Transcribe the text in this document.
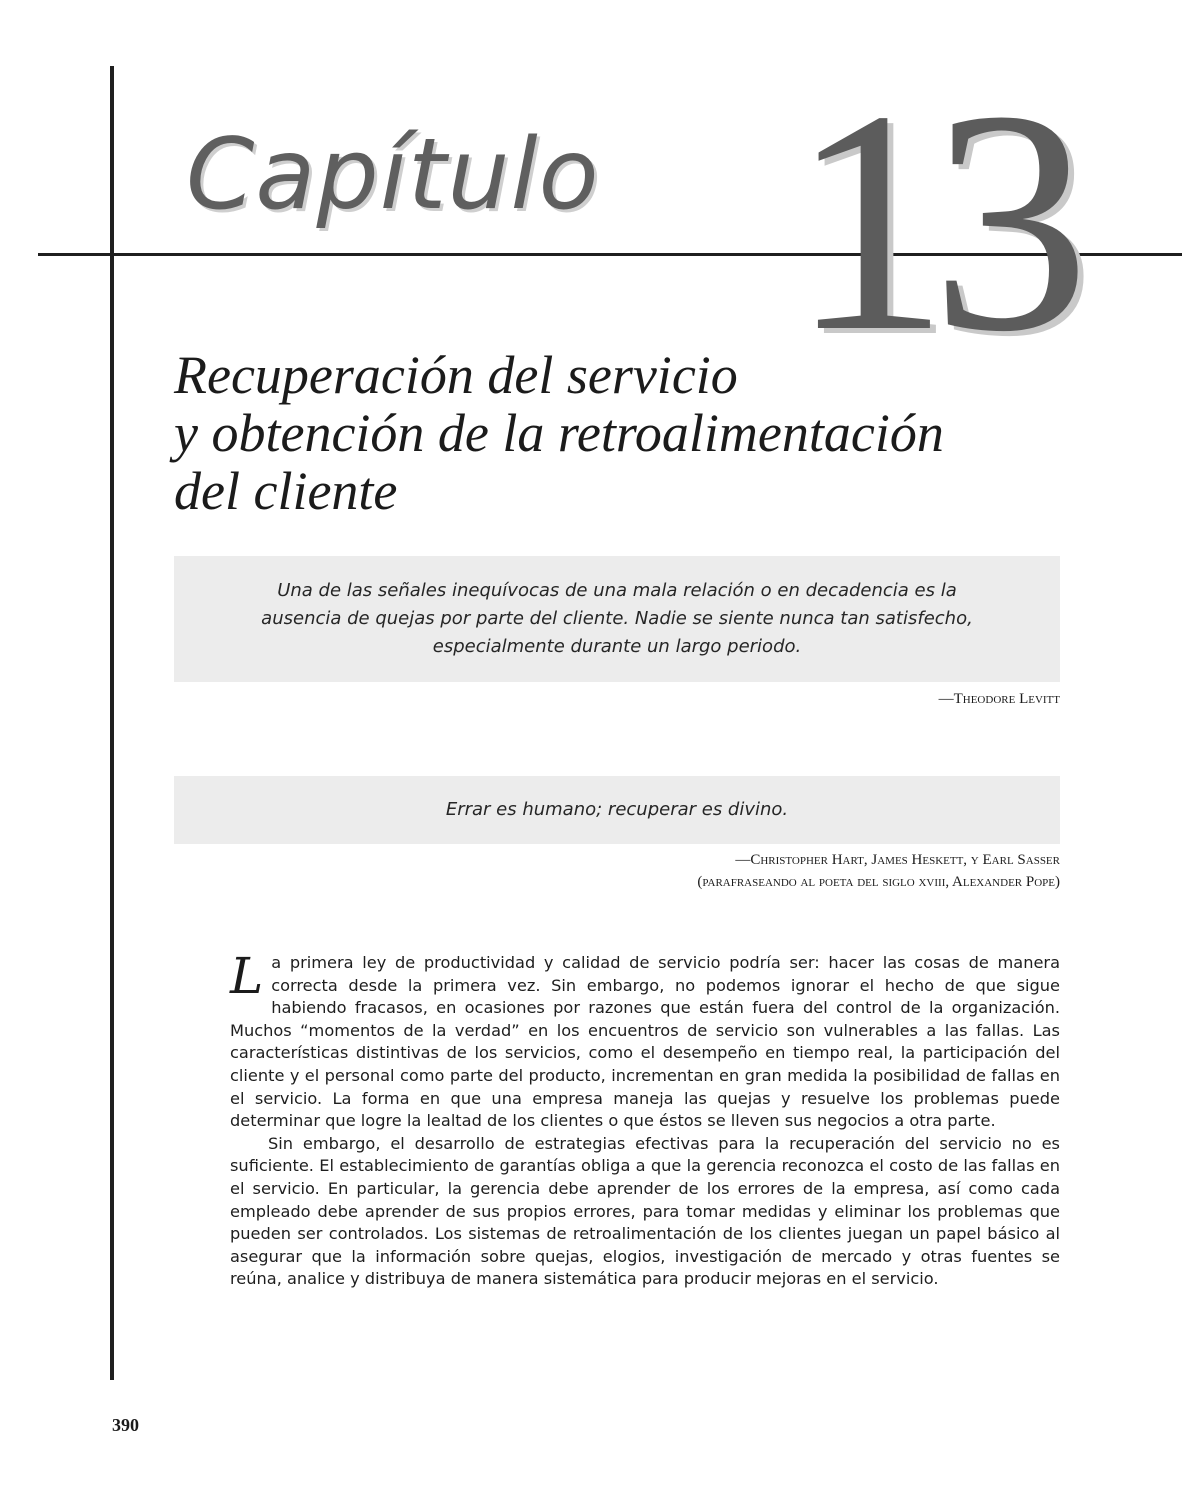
Capítulo 13
Recuperación del servicio
y obtención de la retroalimentación
del cliente

Una de las señales inequívocas de una mala relación o en decadencia es la
ausencia de quejas por parte del cliente. Nadie se siente nunca tan satisfecho,
especialmente durante un largo periodo.

—Theodore Levitt

Errar es humano; recuperar es divino.

—Christopher Hart, James Heskett, y Earl Sasser
(parafraseando al poeta del siglo xviii, Alexander Pope)

La primera ley de productividad y calidad de servicio podría ser: hacer las cosas de manera correcta desde la primera vez. Sin embargo, no podemos ignorar el hecho de que sigue habiendo fracasos, en ocasiones por razones que están fuera del control de la organización. Muchos “momentos de la verdad” en los encuentros de servicio son vulnerables a las fallas. Las características distintivas de los servicios, como el desempeño en tiempo real, la participación del cliente y el personal como parte del producto, incrementan en gran medida la posibilidad de fallas en el servicio. La forma en que una empresa maneja las quejas y resuelve los problemas puede determinar que logre la lealtad de los clientes o que éstos se lleven sus negocios a otra parte.

Sin embargo, el desarrollo de estrategias efectivas para la recuperación del servicio no es suficiente. El establecimiento de garantías obliga a que la gerencia reconozca el costo de las fallas en el servicio. En particular, la gerencia debe aprender de los errores de la empresa, así como cada empleado debe aprender de sus propios errores, para tomar medidas y eliminar los problemas que pueden ser controlados. Los sistemas de retroalimentación de los clientes juegan un papel básico al asegurar que la información sobre quejas, elogios, investigación de mercado y otras fuentes se reúna, analice y distribuya de manera sistemática para producir mejoras en el servicio.

390
